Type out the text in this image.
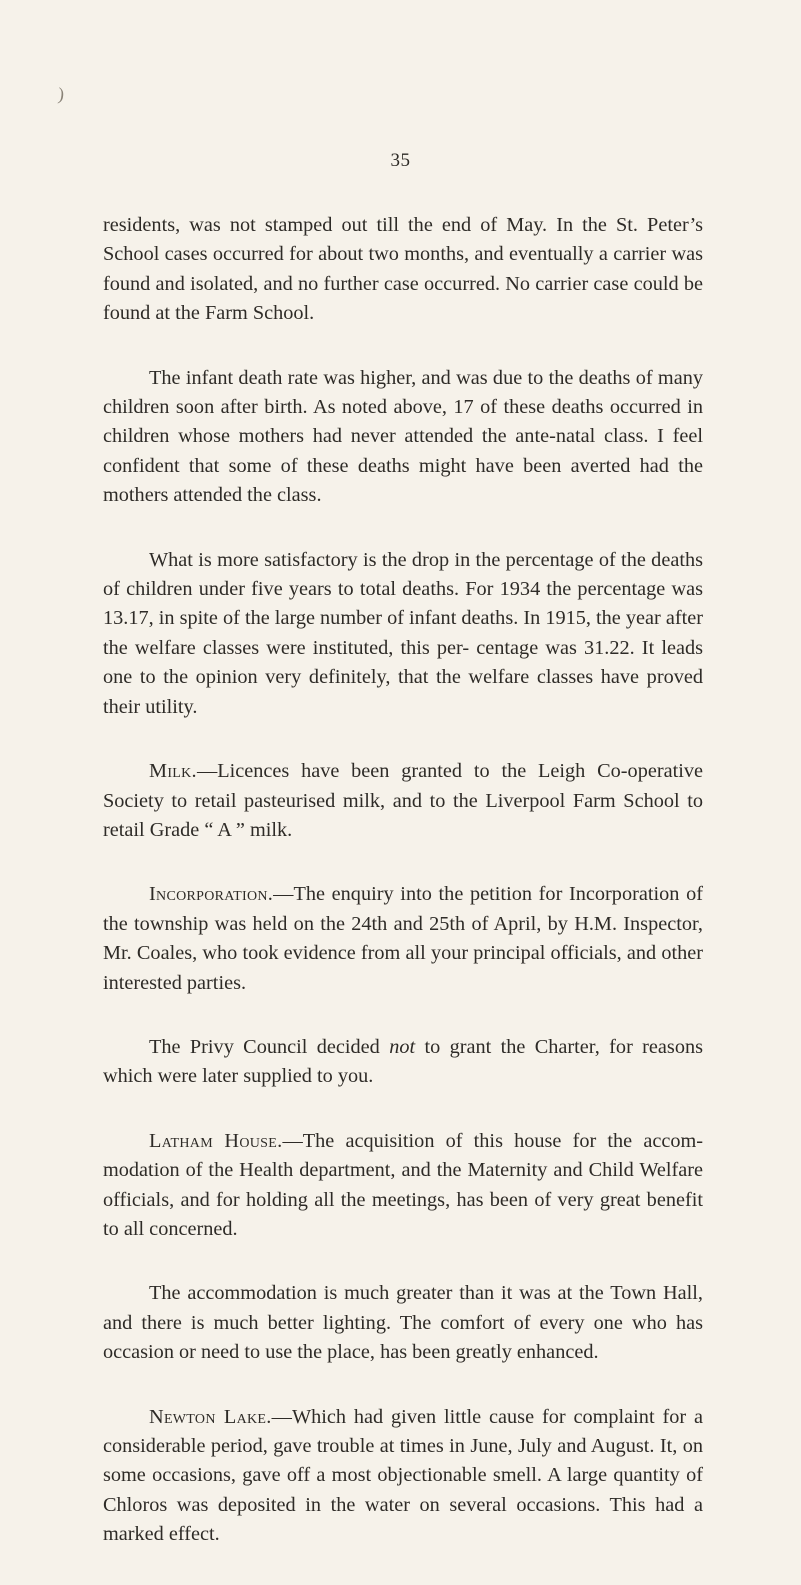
)
35

residents, was not stamped out till the end of May. In the St. Peter’s School cases occurred for about two months, and eventually a carrier was found and isolated, and no further case occurred. No carrier case could be found at the Farm School.

The infant death rate was higher, and was due to the deaths of many children soon after birth. As noted above, 17 of these deaths occurred in children whose mothers had never attended the ante-natal class. I feel confident that some of these deaths might have been averted had the mothers attended the class.

What is more satisfactory is the drop in the percentage of the deaths of children under five years to total deaths. For 1934 the percentage was 13.17, in spite of the large number of infant deaths. In 1915, the year after the welfare classes were instituted, this per- centage was 31.22. It leads one to the opinion very definitely, that the welfare classes have proved their utility.

Milk.—Licences have been granted to the Leigh Co-operative Society to retail pasteurised milk, and to the Liverpool Farm School to retail Grade “ A ” milk.

Incorporation.—The enquiry into the petition for Incorporation of the township was held on the 24th and 25th of April, by H.M. Inspector, Mr. Coales, who took evidence from all your principal officials, and other interested parties.

The Privy Council decided not to grant the Charter, for reasons which were later supplied to you.

Latham House.—The acquisition of this house for the accom- modation of the Health department, and the Maternity and Child Welfare officials, and for holding all the meetings, has been of very great benefit to all concerned.

The accommodation is much greater than it was at the Town Hall, and there is much better lighting. The comfort of every one who has occasion or need to use the place, has been greatly enhanced.

Newton Lake.—Which had given little cause for complaint for a considerable period, gave trouble at times in June, July and August. It, on some occasions, gave off a most objectionable smell. A large quantity of Chloros was deposited in the water on several occasions. This had a marked effect.
